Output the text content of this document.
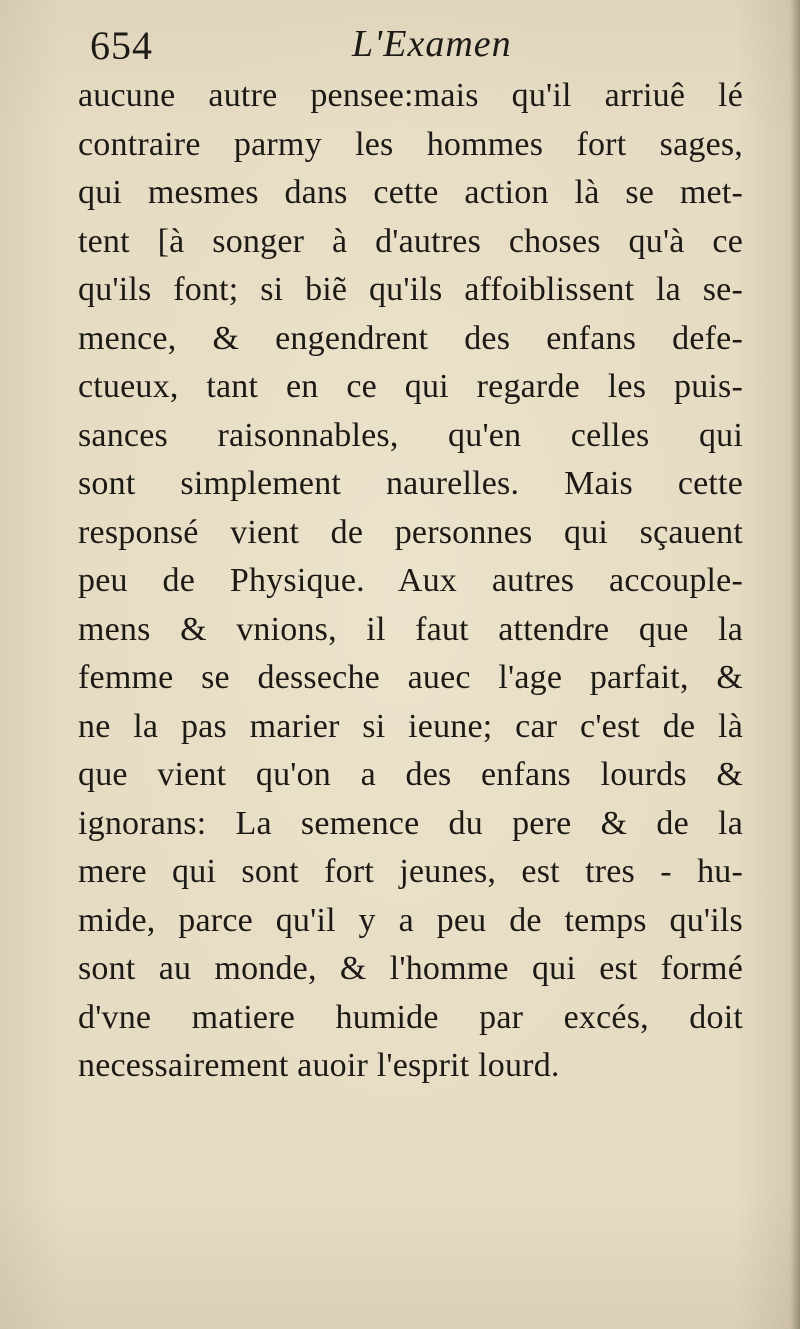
654	L'Examen
aucune autre pensee:mais qu'il arriuê lé
contraire parmy les hommes fort sages,
qui mesmes dans cette action là se met-
tent [à songer à d'autres choses qu'à ce
qu'ils font; si biẽ qu'ils affoiblissent la se-
mence, & engendrent des enfans defe-
ctueux, tant en ce qui regarde les puis-
sances raisonnables, qu'en celles qui
sont simplement naurelles. Mais cette
responsé vient de personnes qui sçauent
peu de Physique. Aux autres accouple-
mens & vnions, il faut attendre que la
femme se desseche auec l'age parfait, &
ne la pas marier si ieune; car c'est de là
que vient qu'on a des enfans lourds &
ignorans: La semence du pere & de la
mere qui sont fort jeunes, est tres - hu-
mide, parce qu'il y a peu de temps qu'ils
sont au monde, & l'homme qui est formé
d'vne matiere humide par excés, doit
necessairement auoir l'esprit lourd.
